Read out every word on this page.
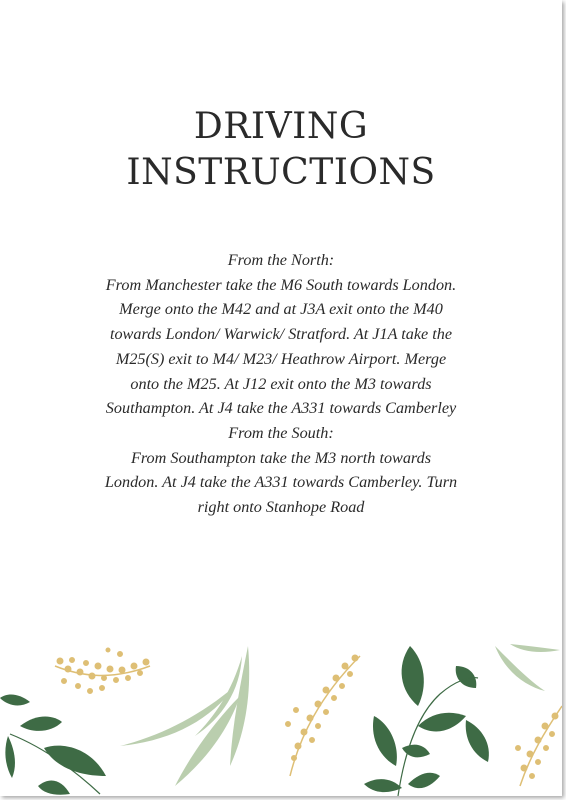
DRIVING
INSTRUCTIONS
From the North:
From Manchester take the M6 South towards London.
Merge onto the M42 and at J3A exit onto the M40
towards London/ Warwick/ Stratford. At J1A take the
M25(S) exit to M4/ M23/ Heathrow Airport. Merge
onto the M25. At J12 exit onto the M3 towards
Southampton. At J4 take the A331 towards Camberley
From the South:
From Southampton take the M3 north towards
London. At J4 take the A331 towards Camberley. Turn
right onto Stanhope Road
